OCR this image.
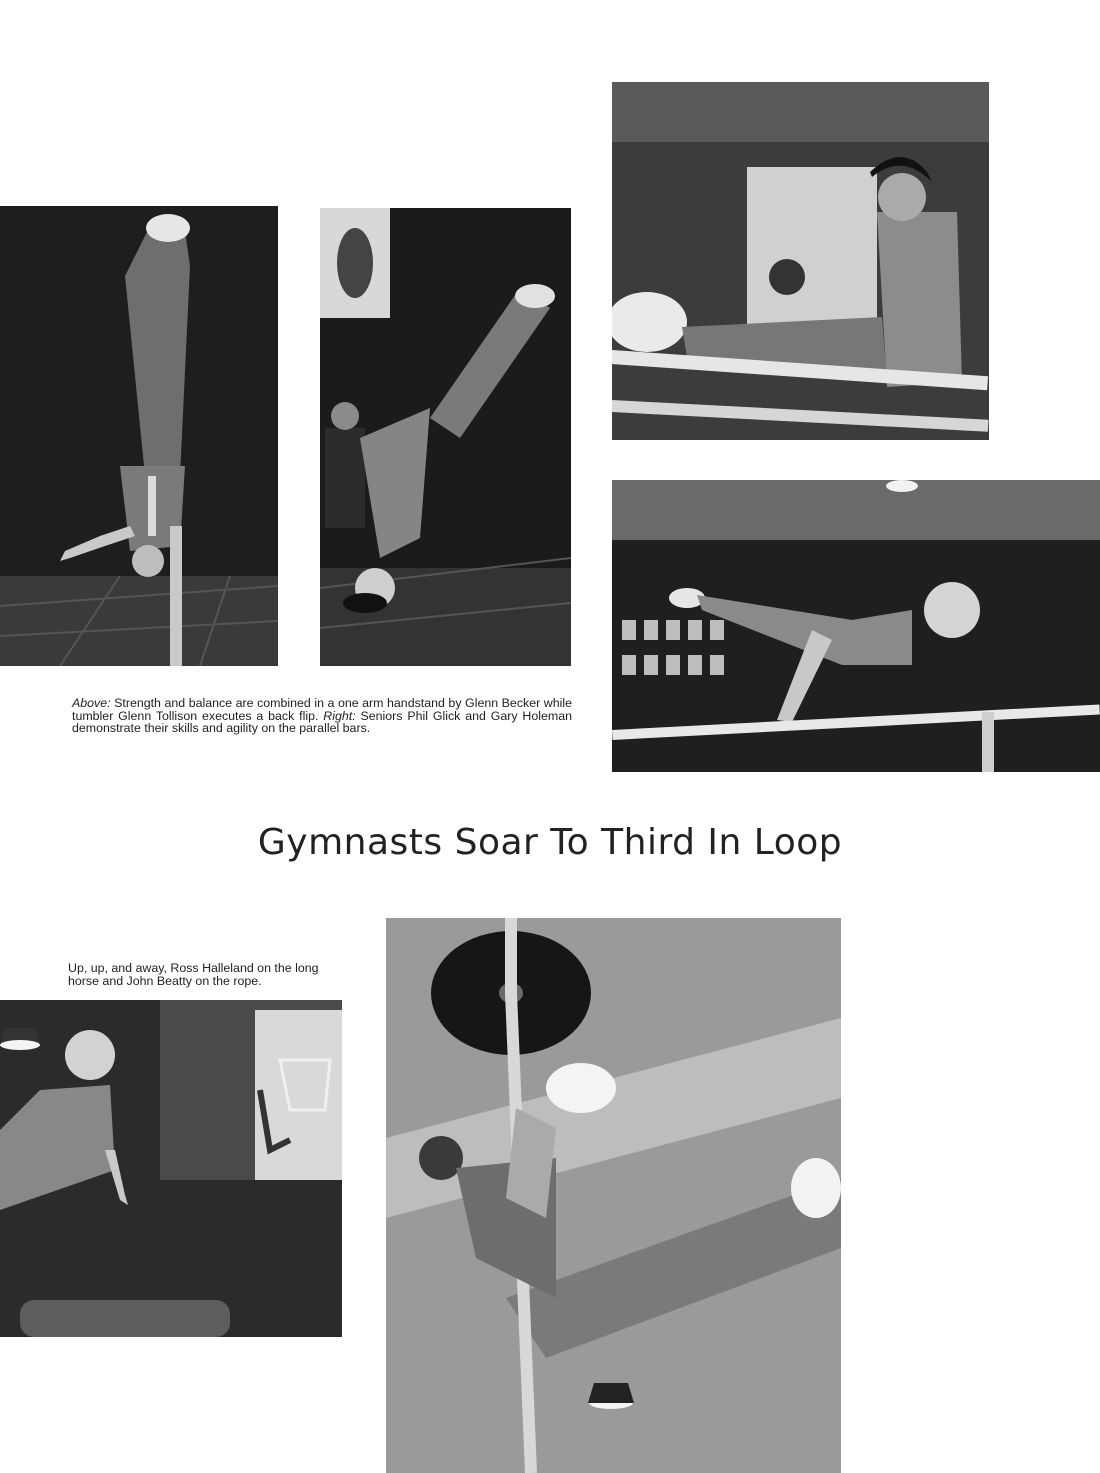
Above: Strength and balance are combined in a one arm handstand by Glenn Becker while tumbler Glenn Tollison executes a back flip. Right: Seniors Phil Glick and Gary Holeman demonstrate their skills and agility on the parallel bars.

Gymnasts Soar To Third In Loop

Up, up, and away, Ross Halleland on the long horse and John Beatty on the rope.
